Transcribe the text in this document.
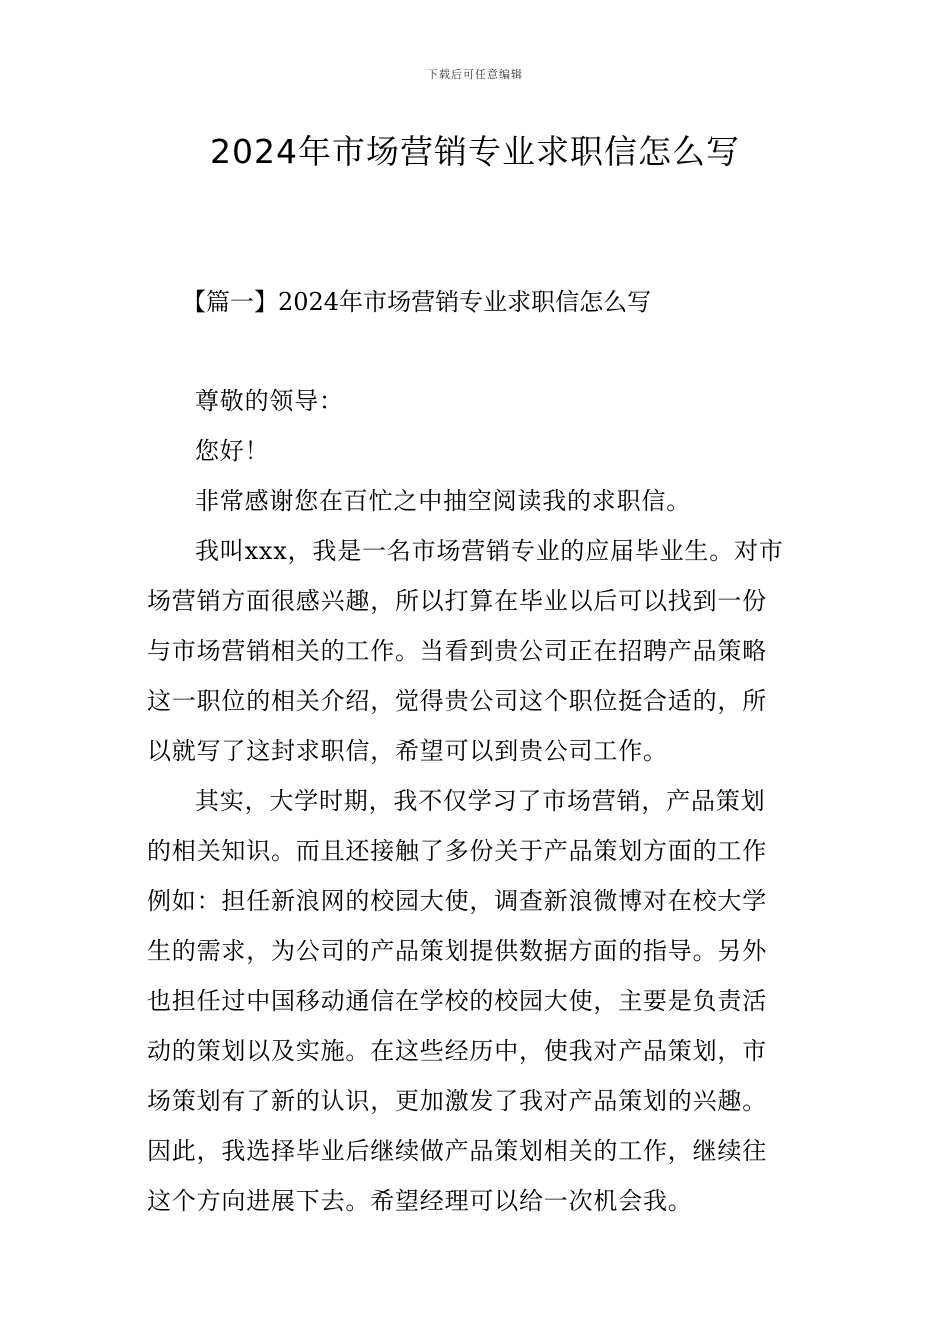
下载后可任意编辑
2024年市场营销专业求职信怎么写
【篇一】2024年市场营销专业求职信怎么写

尊敬的领导：

您好！

非常感谢您在百忙之中抽空阅读我的求职信。

我叫xxx，我是一名市场营销专业的应届毕业生。对市
场营销方面很感兴趣，所以打算在毕业以后可以找到一份
与市场营销相关的工作。当看到贵公司正在招聘产品策略
这一职位的相关介绍，觉得贵公司这个职位挺合适的，所
以就写了这封求职信，希望可以到贵公司工作。

其实，大学时期，我不仅学习了市场营销，产品策划
的相关知识。而且还接触了多份关于产品策划方面的工作
例如：担任新浪网的校园大使，调查新浪微博对在校大学
生的需求，为公司的产品策划提供数据方面的指导。另外
也担任过中国移动通信在学校的校园大使，主要是负责活
动的策划以及实施。在这些经历中，使我对产品策划，市
场策划有了新的认识，更加激发了我对产品策划的兴趣。
因此，我选择毕业后继续做产品策划相关的工作，继续往
这个方向进展下去。希望经理可以给一次机会我。
